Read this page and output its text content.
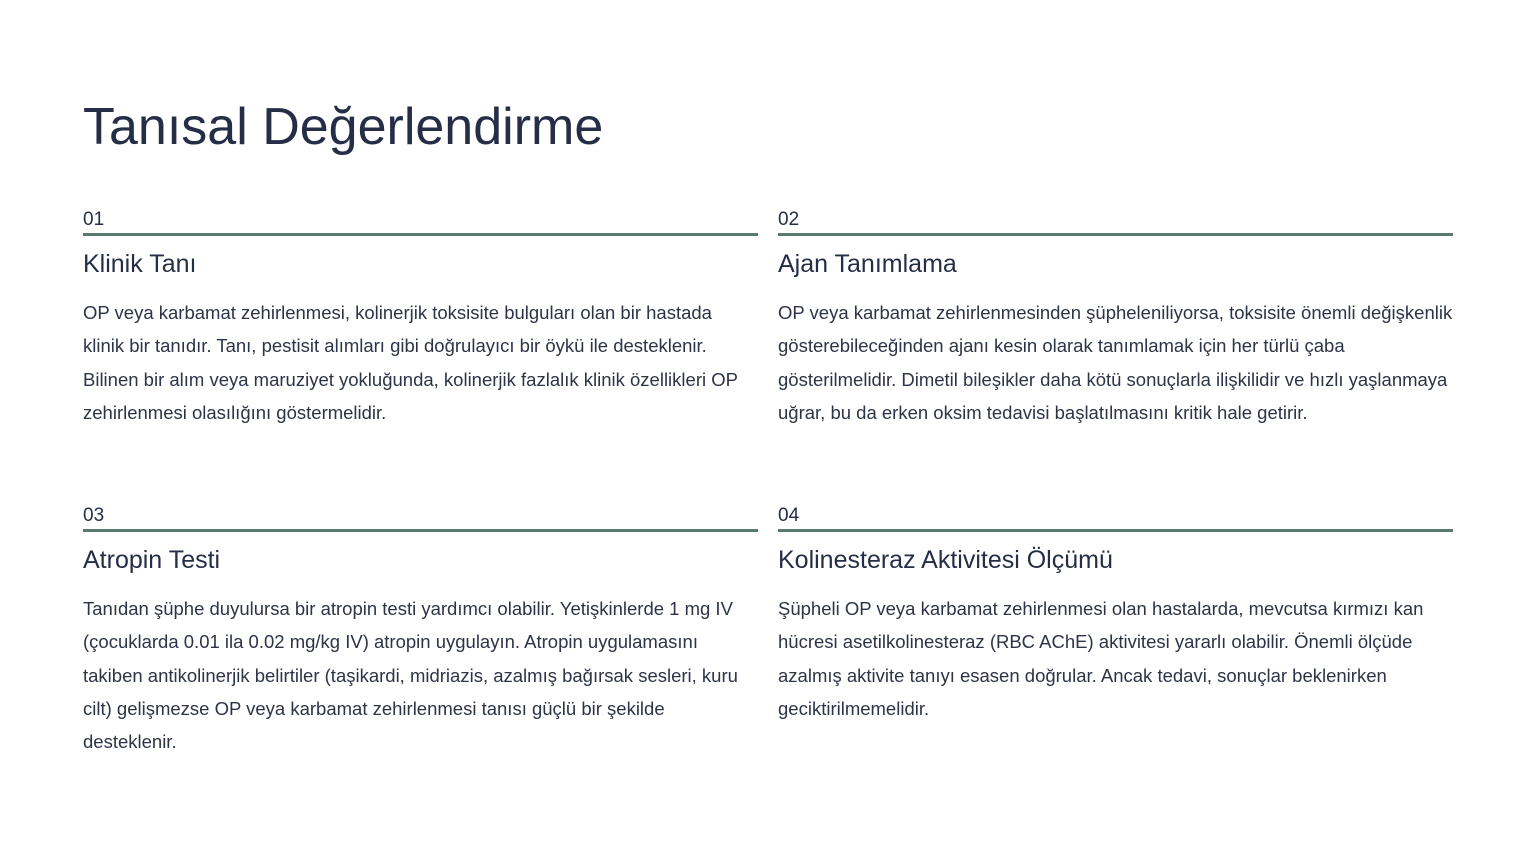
Tanısal Değerlendirme
01
Klinik Tanı

OP veya karbamat zehirlenmesi, kolinerjik toksisite bulguları olan bir hastada klinik bir tanıdır. Tanı, pestisit alımları gibi doğrulayıcı bir öykü ile desteklenir. Bilinen bir alım veya maruziyet yokluğunda, kolinerjik fazlalık klinik özellikleri OP zehirlenmesi olasılığını göstermelidir.

02
Ajan Tanımlama

OP veya karbamat zehirlenmesinden şüpheleniliyorsa, toksisite önemli değişkenlik gösterebileceğinden ajanı kesin olarak tanımlamak için her türlü çaba gösterilmelidir. Dimetil bileşikler daha kötü sonuçlarla ilişkilidir ve hızlı yaşlanmaya uğrar, bu da erken oksim tedavisi başlatılmasını kritik hale getirir.

03
Atropin Testi

Tanıdan şüphe duyulursa bir atropin testi yardımcı olabilir. Yetişkinlerde 1 mg IV (çocuklarda 0.01 ila 0.02 mg/kg IV) atropin uygulayın. Atropin uygulamasını takiben antikolinerjik belirtiler (taşikardi, midriazis, azalmış bağırsak sesleri, kuru cilt) gelişmezse OP veya karbamat zehirlenmesi tanısı güçlü bir şekilde desteklenir.

04
Kolinesteraz Aktivitesi Ölçümü

Şüpheli OP veya karbamat zehirlenmesi olan hastalarda, mevcutsa kırmızı kan hücresi asetilkolinesteraz (RBC AChE) aktivitesi yararlı olabilir. Önemli ölçüde azalmış aktivite tanıyı esasen doğrular. Ancak tedavi, sonuçlar beklenirken geciktirilmemelidir.
